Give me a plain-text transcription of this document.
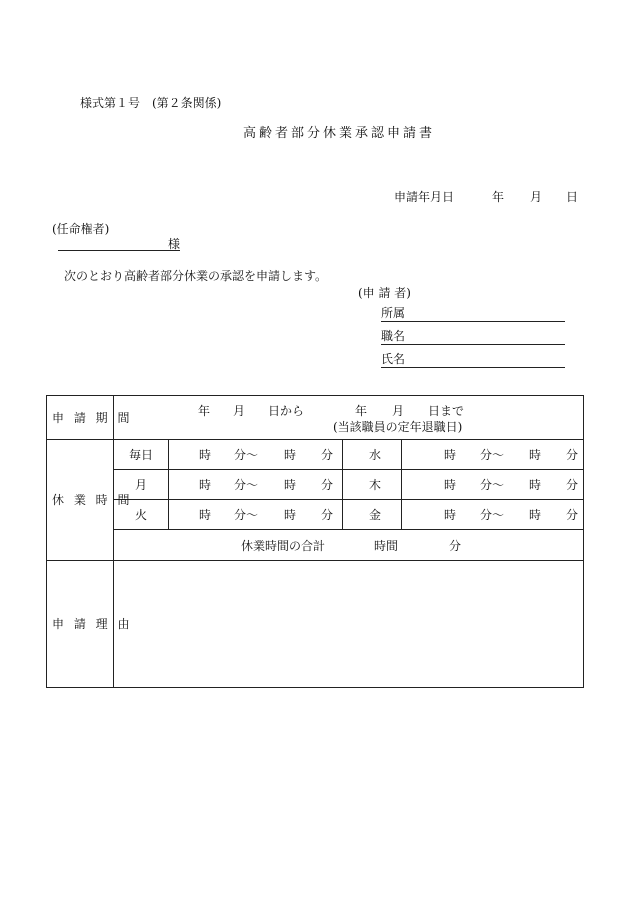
様式第１号　(第２条関係)
高齢者部分休業承認申請書
申請年月日	年 月 日
(任命権者)
様
次のとおり高齢者部分休業の承認を申請します。
(申 請 者)
所属
職名
氏名
申 請 期 間	年 月 日から	年 月 日まで
(当該職員の定年退職日)
休 業 時 間
毎日	時 分〜 時 分	水	時 分〜 時 分
月	時 分〜 時 分	木	時 分〜 時 分
火	時 分〜 時 分	金	時 分〜 時 分
休業時間の合計	時間	分
申 請 理 由
